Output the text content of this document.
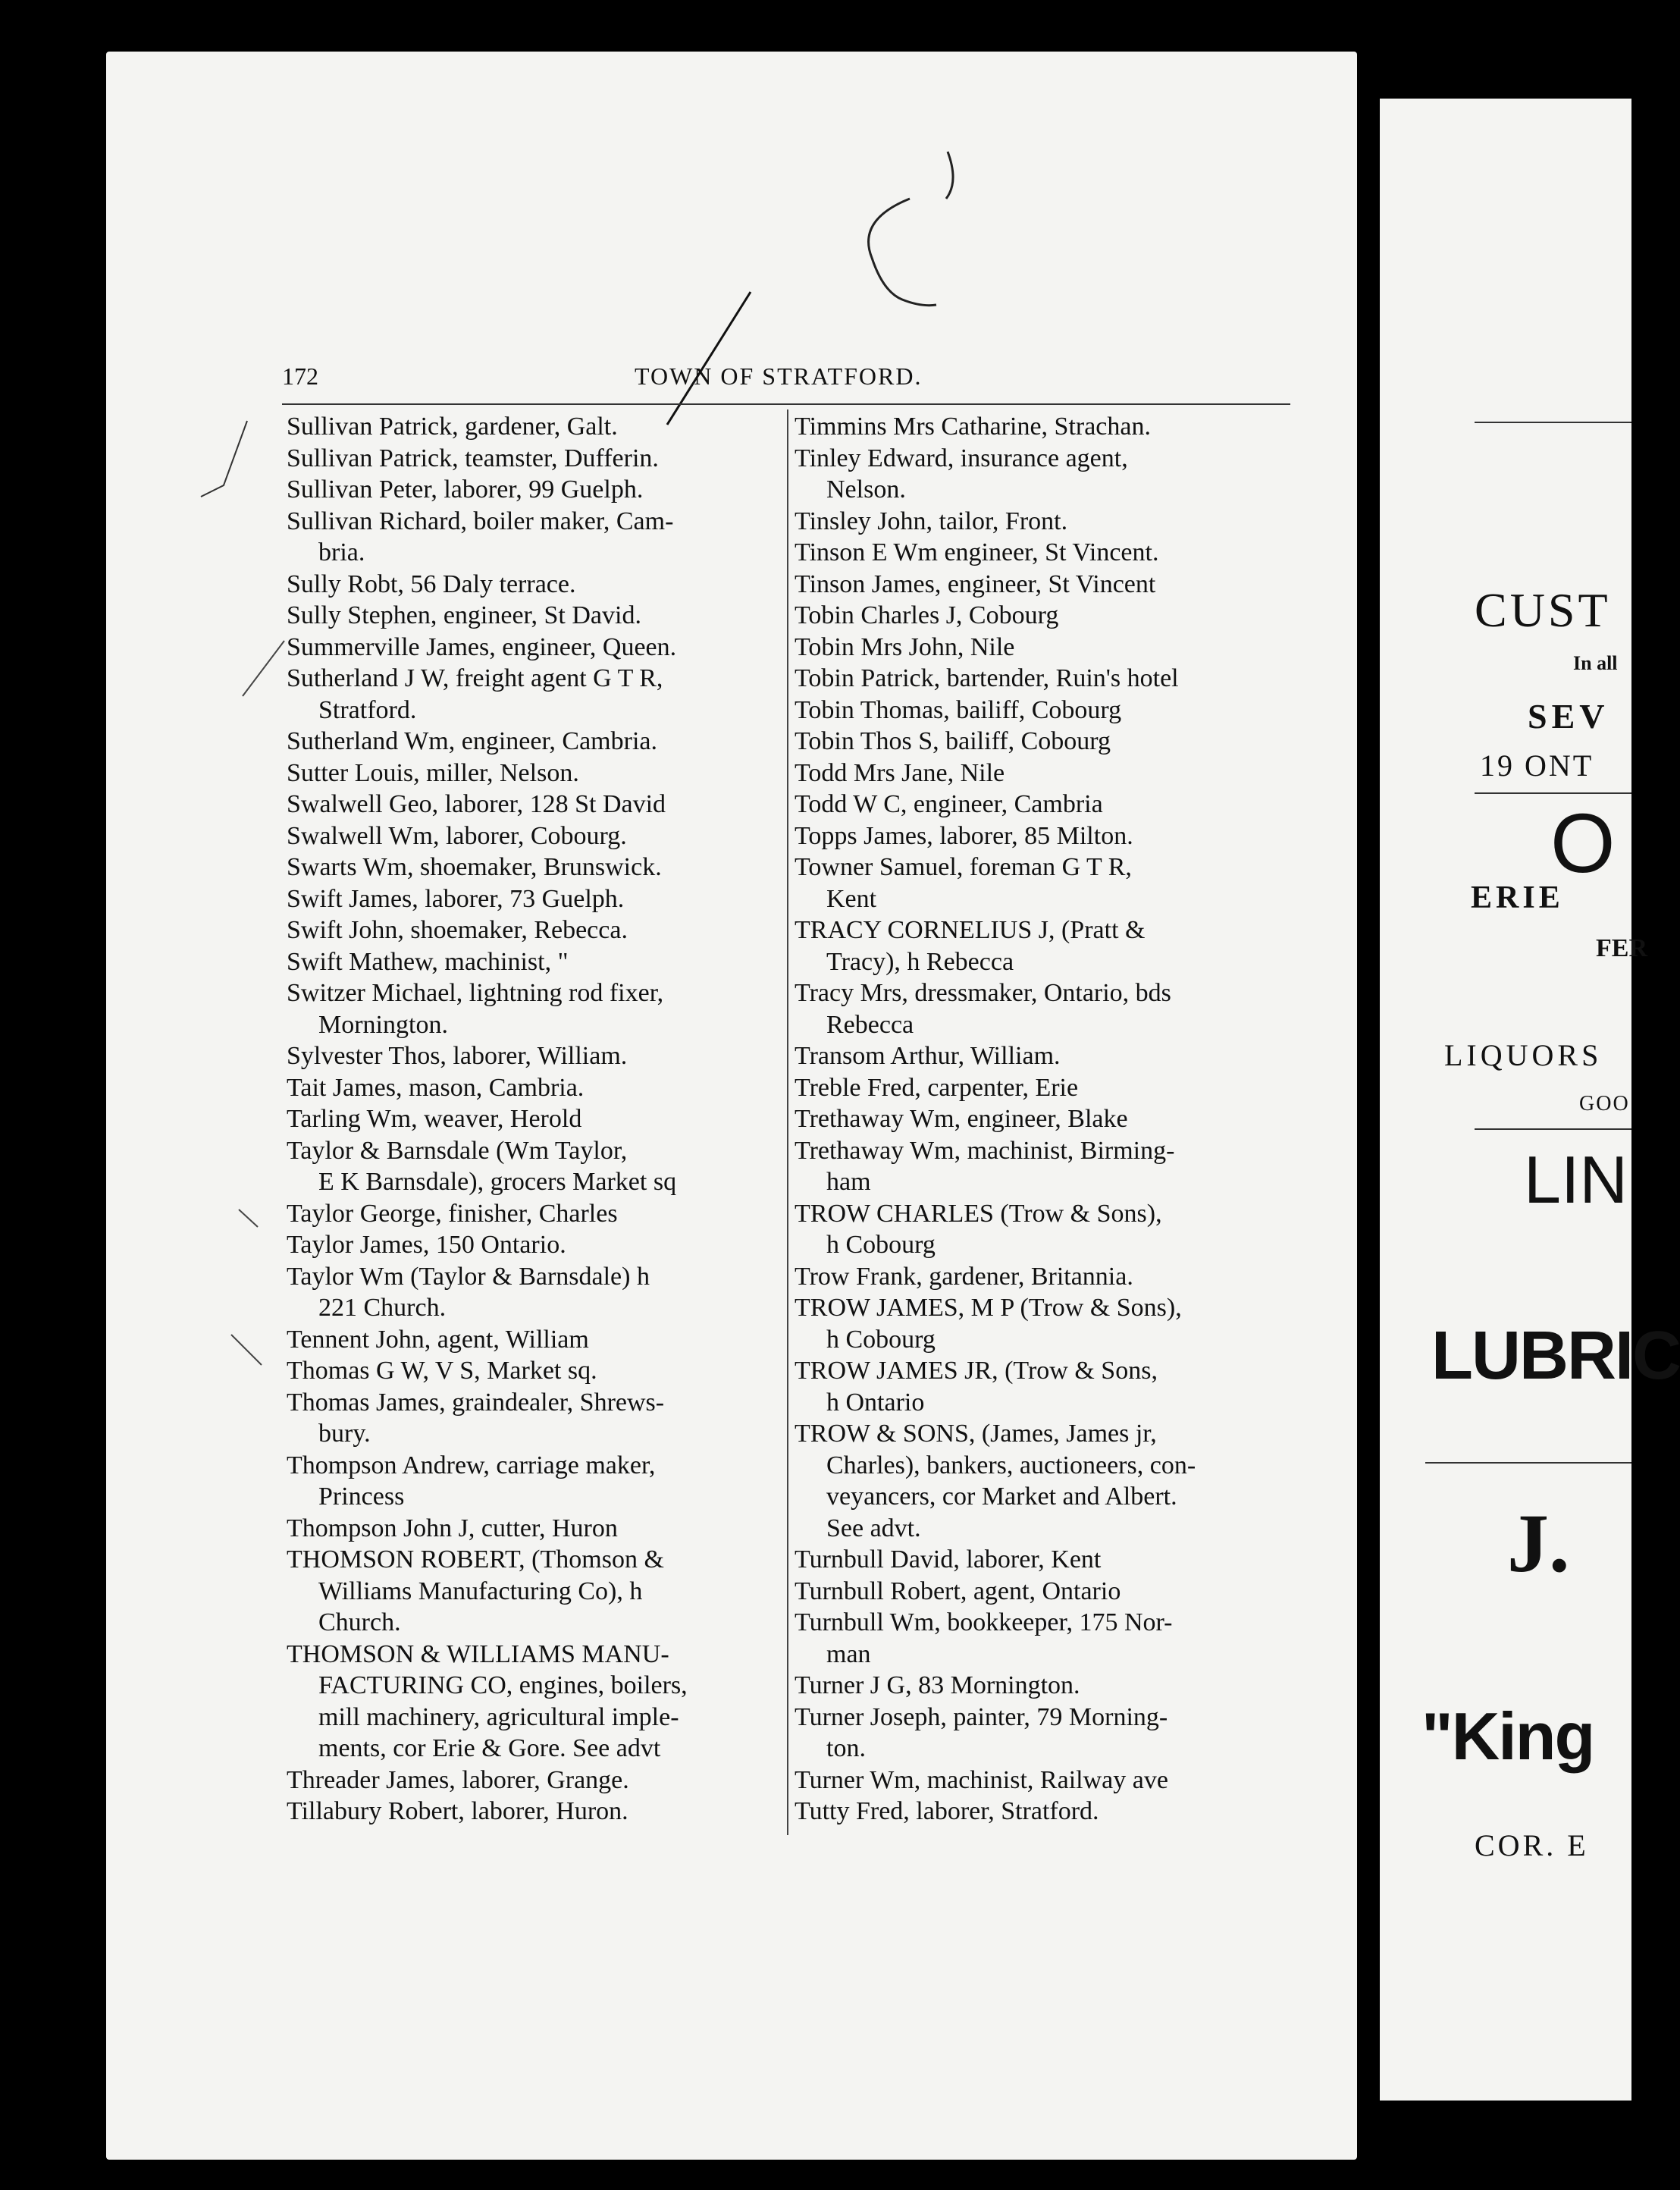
172	TOWN OF STRATFORD.
Sullivan Patrick, gardener, Galt.
Sullivan Patrick, teamster, Dufferin.
Sullivan Peter, laborer, 99 Guelph.
Sullivan Richard, boiler maker, Cam-
bria.
Sully Robt, 56 Daly terrace.
Sully Stephen, engineer, St David.
Summerville James, engineer, Queen.
Sutherland J W, freight agent G T R,
Stratford.
Sutherland Wm, engineer, Cambria.
Sutter Louis, miller, Nelson.
Swalwell Geo, laborer, 128 St David
Swalwell Wm, laborer, Cobourg.
Swarts Wm, shoemaker, Brunswick.
Swift James, laborer, 73 Guelph.
Swift John, shoemaker, Rebecca.
Swift Mathew, machinist, "
Switzer Michael, lightning rod fixer,
Mornington.
Sylvester Thos, laborer, William.
Tait James, mason, Cambria.
Tarling Wm, weaver, Herold
Taylor & Barnsdale (Wm Taylor,
E K Barnsdale), grocers Market sq
Taylor George, finisher, Charles
Taylor James, 150 Ontario.
Taylor Wm (Taylor & Barnsdale) h
221 Church.
Tennent John, agent, William
Thomas G W, V S, Market sq.
Thomas James, graindealer, Shrews-
bury.
Thompson Andrew, carriage maker,
Princess
Thompson John J, cutter, Huron
THOMSON ROBERT, (Thomson &
Williams Manufacturing Co), h
Church.
THOMSON & WILLIAMS MANU-
FACTURING CO, engines, boilers,
mill machinery, agricultural imple-
ments, cor Erie & Gore. See advt
Threader James, laborer, Grange.
Tillabury Robert, laborer, Huron.
Timmins Mrs Catharine, Strachan.
Tinley Edward, insurance agent,
Nelson.
Tinsley John, tailor, Front.
Tinson E Wm engineer, St Vincent.
Tinson James, engineer, St Vincent
Tobin Charles J, Cobourg
Tobin Mrs John, Nile
Tobin Patrick, bartender, Ruin's hotel
Tobin Thomas, bailiff, Cobourg
Tobin Thos S, bailiff, Cobourg
Todd Mrs Jane, Nile
Todd W C, engineer, Cambria
Topps James, laborer, 85 Milton.
Towner Samuel, foreman G T R,
Kent
TRACY CORNELIUS J, (Pratt &
Tracy), h Rebecca
Tracy Mrs, dressmaker, Ontario, bds
Rebecca
Transom Arthur, William.
Treble Fred, carpenter, Erie
Trethaway Wm, engineer, Blake
Trethaway Wm, machinist, Birming-
ham
TROW CHARLES (Trow & Sons),
h Cobourg
Trow Frank, gardener, Britannia.
TROW JAMES, M P (Trow & Sons),
h Cobourg
TROW JAMES JR, (Trow & Sons,
h Ontario
TROW & SONS, (James, James jr,
Charles), bankers, auctioneers, con-
veyancers, cor Market and Albert.
See advt.
Turnbull David, laborer, Kent
Turnbull Robert, agent, Ontario
Turnbull Wm, bookkeeper, 175 Nor-
man
Turner J G, 83 Mornington.
Turner Joseph, painter, 79 Morning-
ton.
Turner Wm, machinist, Railway ave
Tutty Fred, laborer, Stratford.
CUST
In all
SEV
19 ONT
O
ERIE
FER
LIQUORS
GOO
LIN
LUBRIC
J.
"King
COR. E
